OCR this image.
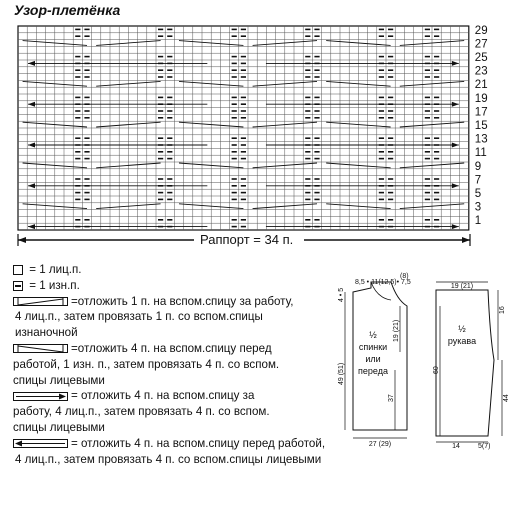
Узор-плетёнка
29
27
25
23
21
19
17
15
13
11
9
7
5
3
1
Раппорт = 34 п.
= 1 лиц.п.
= 1 изн.п.
=отложить 1 п. на вспом.спицу за работу,
4 лиц.п., затем провязать 1 п. со вспом.спицы
изнаночной
=отложить 4 п. на вспом.спицу перед
работой, 1 изн. п., затем провязать 4 п. со вспом.
спицы лицевыми
= отложить 4 п. на вспом.спицу за
работу, 4 лиц.п., затем провязать 4 п. со вспом.
спицы лицевыми
= отложить 4 п. на вспом.спицу перед работой,
4 лиц.п., затем провязать 4 п. со вспом.спицы лицевыми
(8)
8,5 • 11(12,5)• 7,5
4 • 5
19 (21)
½
спинки
или
переда
49 (51)
37
27 (29)
19 (21)
16
½
рукава
60
44
14	5(7)
